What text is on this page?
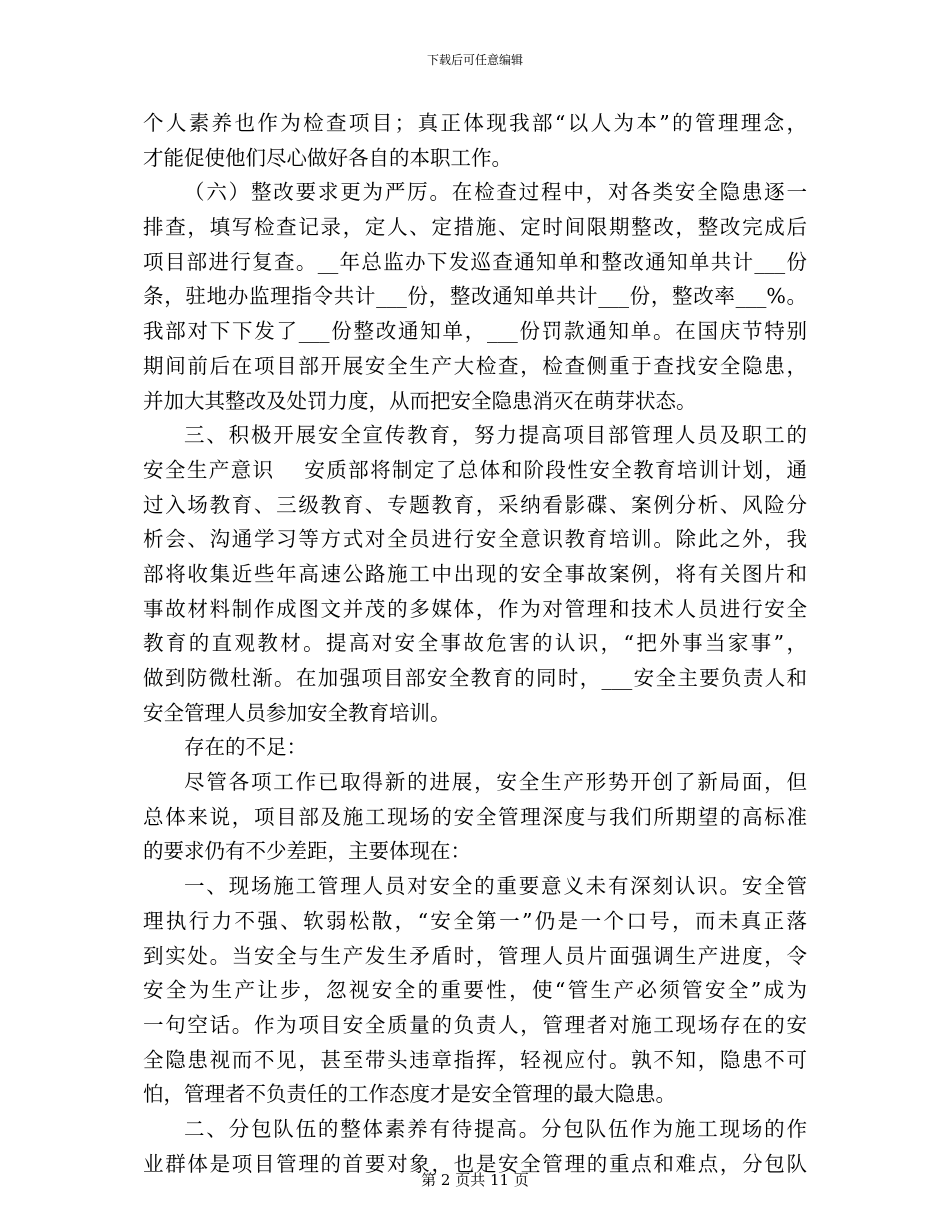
下载后可任意编辑
个人素养也作为检查项目；真正体现我部“以人为本”的管理理念，
才能促使他们尽心做好各自的本职工作。
（六）整改要求更为严厉。在检查过程中，对各类安全隐患逐一
排查，填写检查记录，定人、定措施、定时间限期整改，整改完成后
项目部进行复查。__年总监办下发巡查通知单和整改通知单共计___份
条，驻地办监理指令共计___份，整改通知单共计___份，整改率___%。
我部对下下发了___份整改通知单，___份罚款通知单。在国庆节特别
期间前后在项目部开展安全生产大检查，检查侧重于查找安全隐患，
并加大其整改及处罚力度，从而把安全隐患消灭在萌芽状态。
三、积极开展安全宣传教育，努力提高项目部管理人员及职工的
安全生产意识　 安质部将制定了总体和阶段性安全教育培训计划，通
过入场教育、三级教育、专题教育，采纳看影碟、案例分析、风险分
析会、沟通学习等方式对全员进行安全意识教育培训。除此之外，我
部将收集近些年高速公路施工中出现的安全事故案例，将有关图片和
事故材料制作成图文并茂的多媒体，作为对管理和技术人员进行安全
教育的直观教材。提高对安全事故危害的认识，“把外事当家事”，
做到防微杜渐。在加强项目部安全教育的同时，___安全主要负责人和
安全管理人员参加安全教育培训。
存在的不足：
尽管各项工作已取得新的进展，安全生产形势开创了新局面，但
总体来说，项目部及施工现场的安全管理深度与我们所期望的高标准
的要求仍有不少差距，主要体现在：
一、现场施工管理人员对安全的重要意义未有深刻认识。安全管
理执行力不强、软弱松散，“安全第一”仍是一个口号，而未真正落
到实处。当安全与生产发生矛盾时，管理人员片面强调生产进度，令
安全为生产让步，忽视安全的重要性，使“管生产必须管安全”成为
一句空话。作为项目安全质量的负责人，管理者对施工现场存在的安
全隐患视而不见，甚至带头违章指挥，轻视应付。孰不知，隐患不可
怕，管理者不负责任的工作态度才是安全管理的最大隐患。
二、分包队伍的整体素养有待提高。分包队伍作为施工现场的作
业群体是项目管理的首要对象，也是安全管理的重点和难点，分包队
第 2 页共 11 页
